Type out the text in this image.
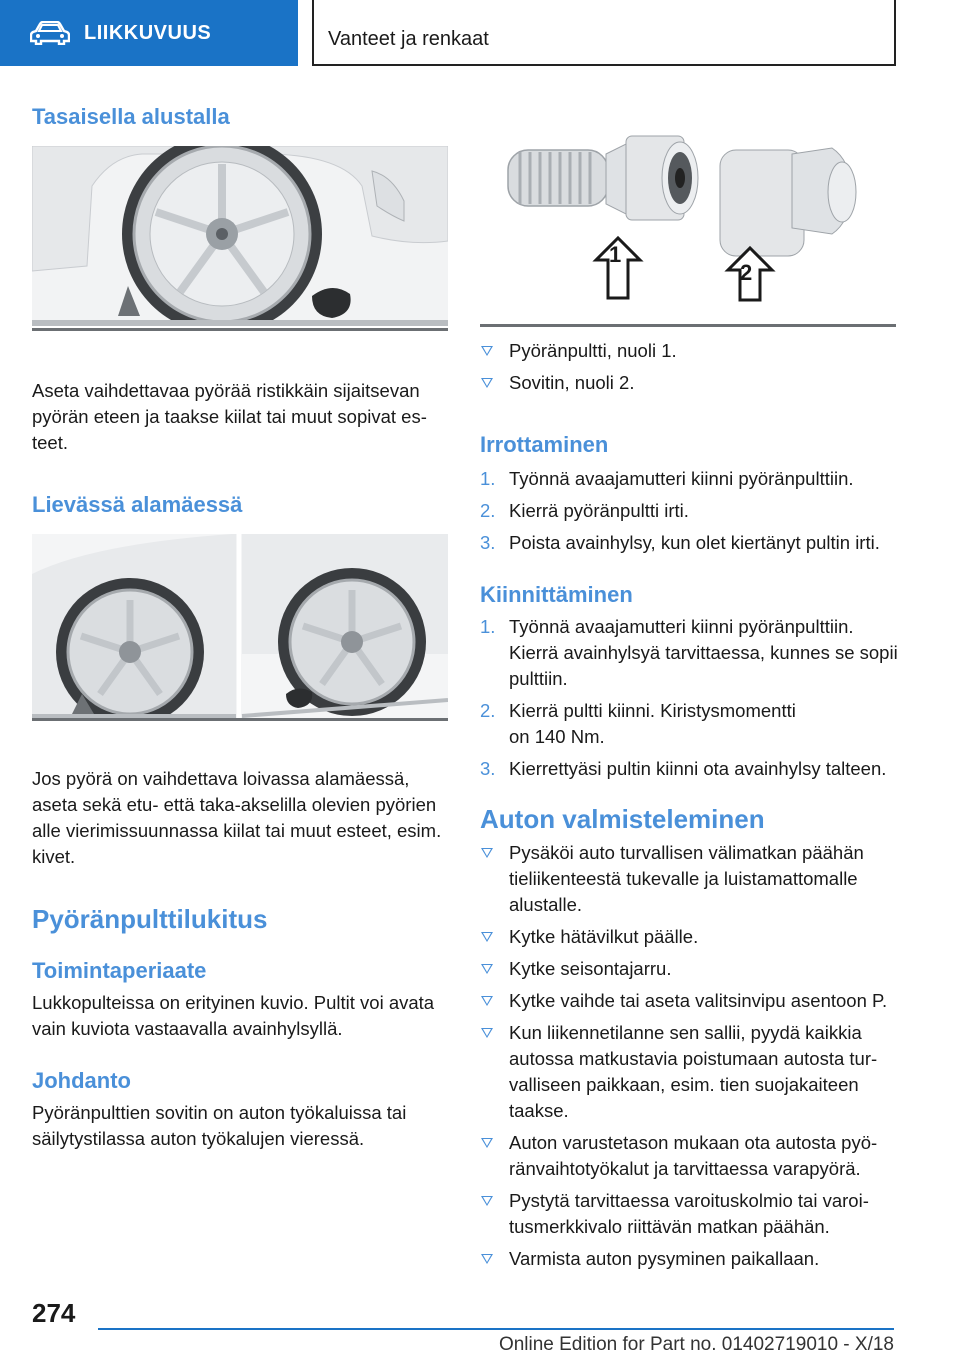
LIIKKUVUUS	Vanteet ja renkaat
Tasaisella alustalla
Aseta vaihdettavaa pyörää ristikkäin sijaitsevan pyörän eteen ja taakse kiilat tai muut sopivat esteet.
Lievässä alamäessä
Jos pyörä on vaihdettava loivassa alamäessä, aseta sekä etu- että taka-akselilla olevien pyörien alle vierimissuunnassa kiilat tai muut esteet, esim. kivet.
Pyöränpulttilukitus
Toimintaperiaate
Lukkopulteissa on erityinen kuvio. Pultit voi avata vain kuviota vastaavalla avainhylsyllä.
Johdanto
Pyöränpulttien sovitin on auton työkaluissa tai säilytystilassa auton työkalujen vieressä.
1
2
Pyöränpultti, nuoli 1.
Sovitin, nuoli 2.
Irrottaminen
1. Työnnä avaajamutteri kiinni pyöränpulttiin.
2. Kierrä pyöränpultti irti.
3. Poista avainhylsy, kun olet kiertänyt pultin irti.
Kiinnittäminen
1. Työnnä avaajamutteri kiinni pyöränpulttiin. Kierrä avainhylsyä tarvittaessa, kunnes se sopii pulttiin.
2. Kierrä pultti kiinni. Kiristysmomentti on 140 Nm.
3. Kierrettyäsi pultin kiinni ota avainhylsy talteen.
Auton valmisteleminen
Pysäköi auto turvallisen välimatkan päähän tieliikenteestä tukevalle ja luistamattomalle alustalle.
Kytke hätävilkut päälle.
Kytke seisontajarru.
Kytke vaihde tai aseta valitsinvipu asentoon P.
Kun liikennetilanne sen sallii, pyydä kaikkia autossa matkustavia poistumaan autosta turvalliseen paikkaan, esim. tien suojakaiteen taakse.
Auton varustetason mukaan ota autosta pyöränvaihtotyökalut ja tarvittaessa varapyörä.
Pystytä tarvittaessa varoituskolmio tai varoitusmerkkivalo riittävän matkan päähän.
Varmista auton pysyminen paikallaan.
274
Online Edition for Part no. 01402719010 - X/18
